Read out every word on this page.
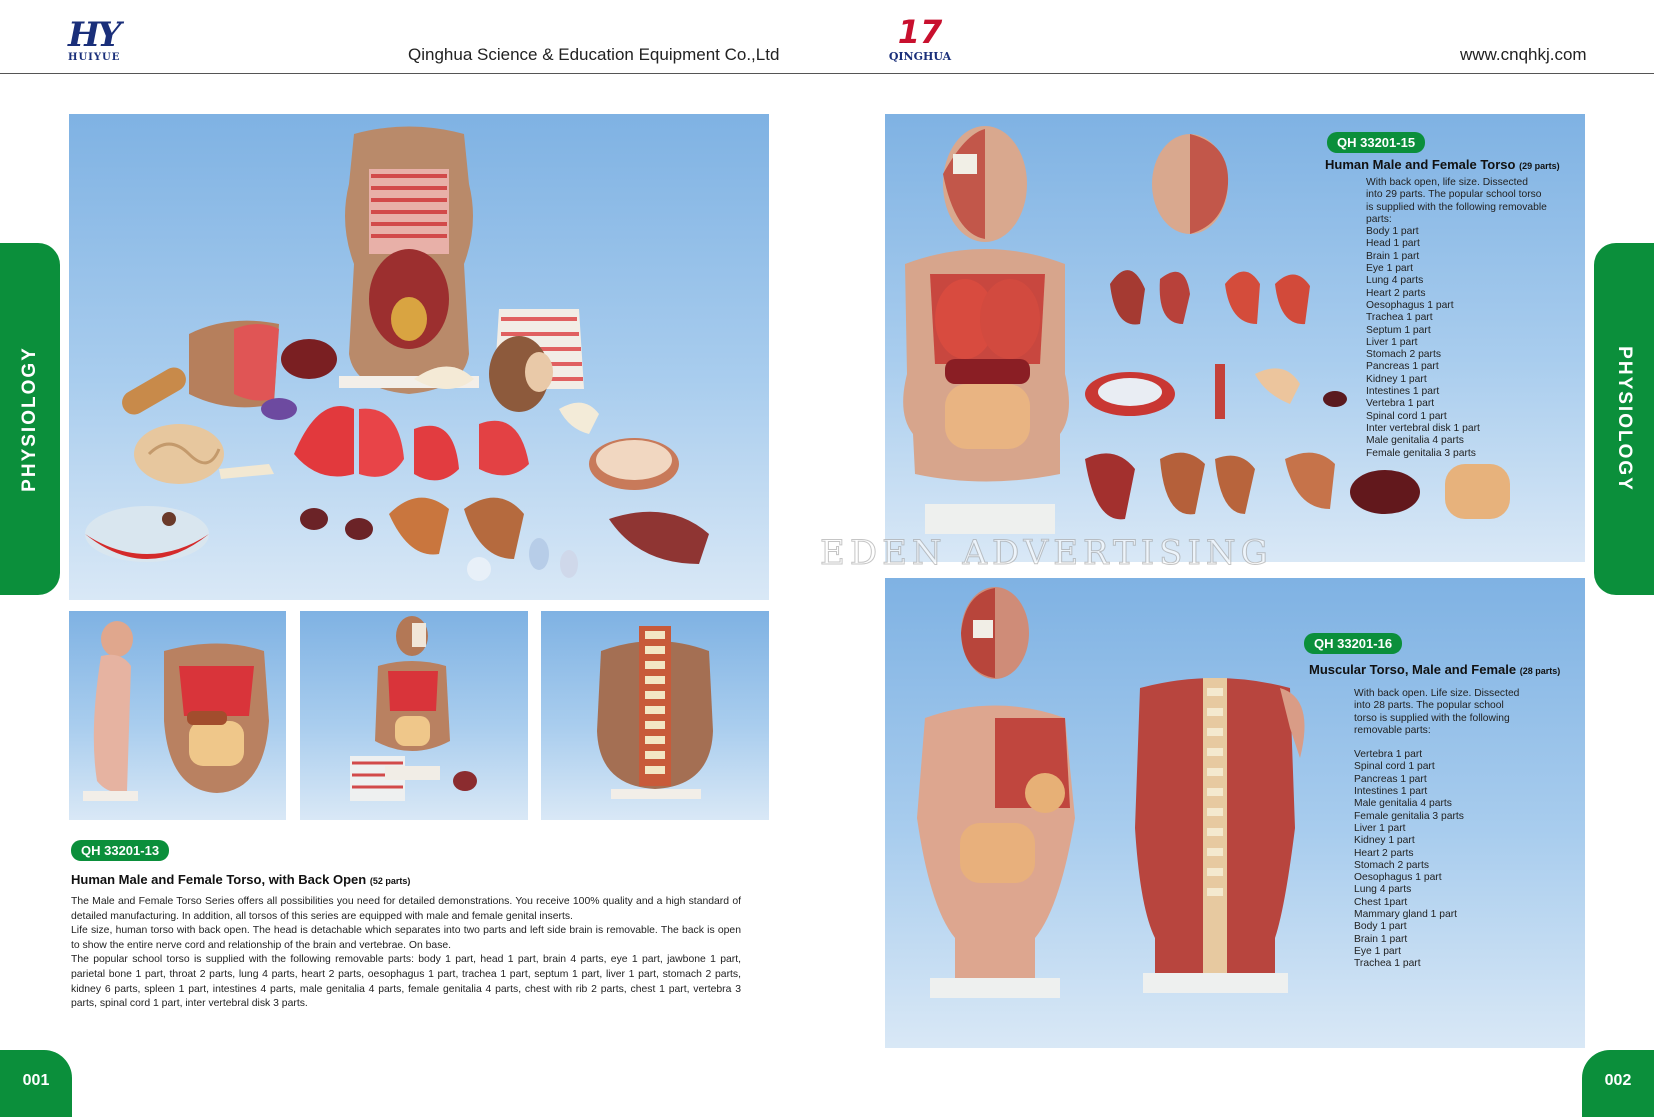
HY
HUIYUE	Qinghua Science & Education Equipment Co.,Ltd
17
QINGHUA	www.cnqhkj.com
PHYSIOLOGY	PHYSIOLOGY
QH 33201-13
Human Male and Female Torso, with Back Open (52 parts)

The Male and Female Torso Series offers all possibilities you need for detailed demonstrations. You receive 100% quality and a high standard of detailed manufacturing. In addition, all torsos of this series are equipped with male and female genital inserts.

Life size, human torso with back open. The head is detachable which separates into two parts and left side brain is removable. The back is open to show the entire nerve cord and relationship of the brain and vertebrae. On base.

The popular school torso is supplied with the following removable parts: body 1 part, head 1 part, brain 4 parts, eye 1 part, jawbone 1 part, parietal bone 1 part, throat 2 parts, lung 4 parts, heart 2 parts, oesophagus 1 part, trachea 1 part, septum 1 part, liver 1 part, stomach 2 parts, kidney 6 parts, spleen 1 part, intestines 4 parts, male genitalia 4 parts, female genitalia 4 parts, chest with rib 2 parts, chest 1 part, vertebra 3 parts, spinal cord 1 part, inter vertebral disk 3 parts.

QH 33201-15
Human Male and Female Torso (29 parts)
With back open, life size. Dissected
into 29 parts. The popular school torso
is supplied with the following removable
parts:
Body 1 part
Head 1 part
Brain 1 part
Eye 1 part
Lung 4 parts
Heart 2 parts
Oesophagus 1 part
Trachea 1 part
Septum 1 part
Liver 1 part
Stomach 2 parts
Pancreas 1 part
Kidney 1 part
Intestines 1 part
Vertebra 1 part
Spinal cord 1 part
Inter vertebral disk 1 part
Male genitalia 4 parts
Female genitalia 3 parts
QH 33201-16
Muscular Torso, Male and Female (28 parts)
With back open. Life size. Dissected
into 28 parts. The popular school
torso is supplied with the following
removable parts:
Vertebra 1 part
Spinal cord 1 part
Pancreas 1 part
Intestines 1 part
Male genitalia 4 parts
Female genitalia 3 parts
Liver 1 part
Kidney 1 part
Heart 2 parts
Stomach 2 parts
Oesophagus 1 part
Lung 4 parts
Chest 1part
Mammary gland 1 part
Body 1 part
Brain 1 part
Eye 1 part
Trachea 1 part
EDEN ADVERTISING
001	002
